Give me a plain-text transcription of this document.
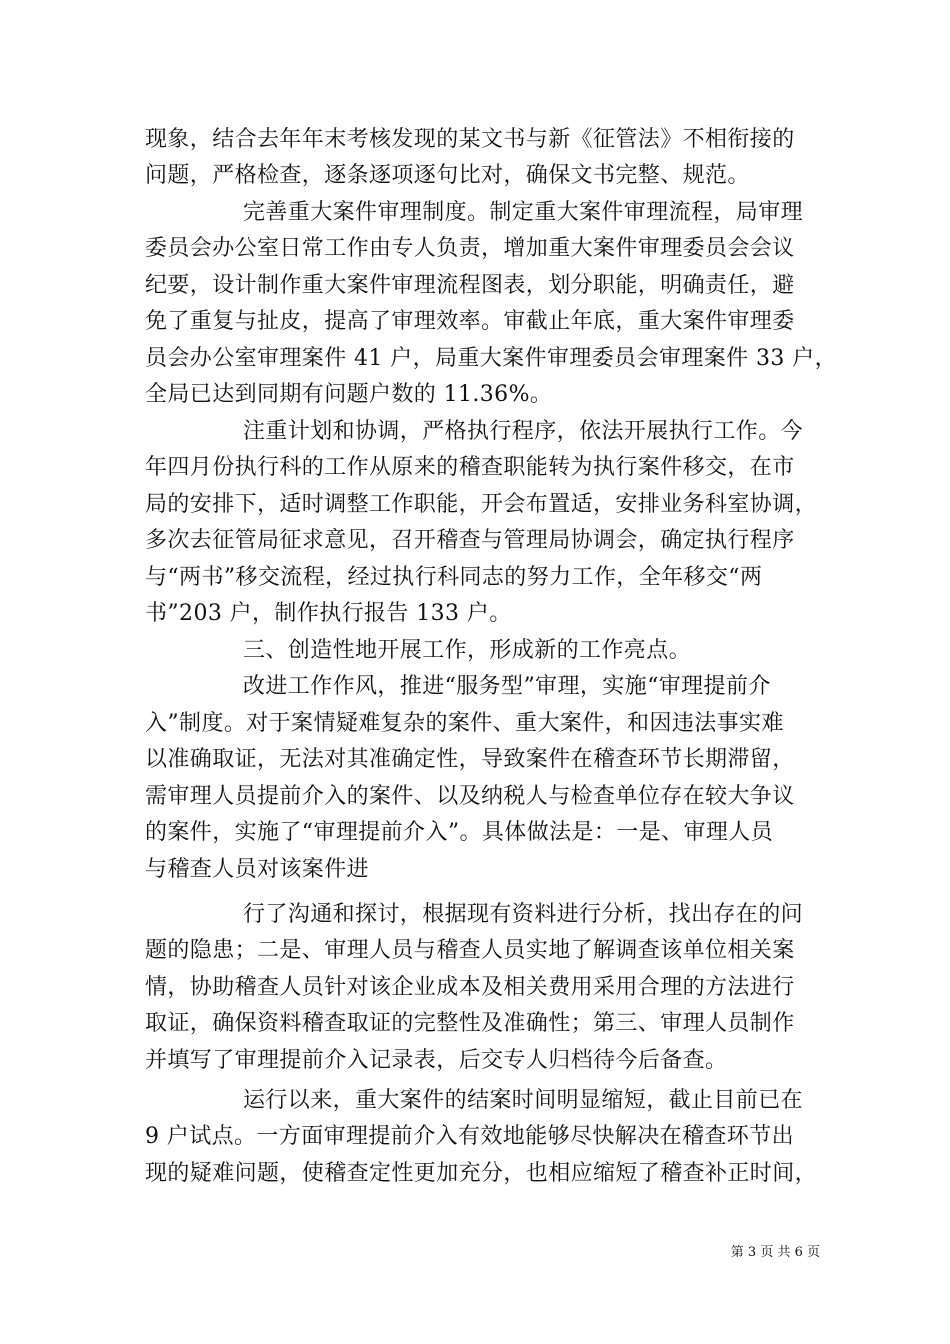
现象，结合去年年末考核发现的某文书与新《征管法》不相衔接的
问题，严格检查，逐条逐项逐句比对，确保文书完整、规范。
完善重大案件审理制度。制定重大案件审理流程，局审理
委员会办公室日常工作由专人负责，增加重大案件审理委员会会议
纪要，设计制作重大案件审理流程图表，划分职能，明确责任，避
免了重复与扯皮，提高了审理效率。审截止年底，重大案件审理委
员会办公室审理案件 41 户，局重大案件审理委员会审理案件 33 户，
全局已达到同期有问题户数的 11.36%。
注重计划和协调，严格执行程序，依法开展执行工作。今
年四月份执行科的工作从原来的稽查职能转为执行案件移交，在市
局的安排下，适时调整工作职能，开会布置适，安排业务科室协调，
多次去征管局征求意见，召开稽查与管理局协调会，确定执行程序
与“两书”移交流程，经过执行科同志的努力工作，全年移交“两
书”203 户，制作执行报告 133 户。
三、创造性地开展工作，形成新的工作亮点。
改进工作作风，推进“服务型”审理，实施“审理提前介
入”制度。对于案情疑难复杂的案件、重大案件，和因违法事实难
以准确取证，无法对其准确定性，导致案件在稽查环节长期滞留，
需审理人员提前介入的案件、以及纳税人与检查单位存在较大争议
的案件，实施了“审理提前介入”。具体做法是：一是、审理人员
与稽查人员对该案件进
行了沟通和探讨，根据现有资料进行分析，找出存在的问
题的隐患；二是、审理人员与稽查人员实地了解调查该单位相关案
情，协助稽查人员针对该企业成本及相关费用采用合理的方法进行
取证，确保资料稽查取证的完整性及准确性；第三、审理人员制作
并填写了审理提前介入记录表，后交专人归档待今后备查。
运行以来，重大案件的结案时间明显缩短，截止目前已在
9 户试点。一方面审理提前介入有效地能够尽快解决在稽查环节出
现的疑难问题，使稽查定性更加充分，也相应缩短了稽查补正时间，
第 3 页 共 6 页
